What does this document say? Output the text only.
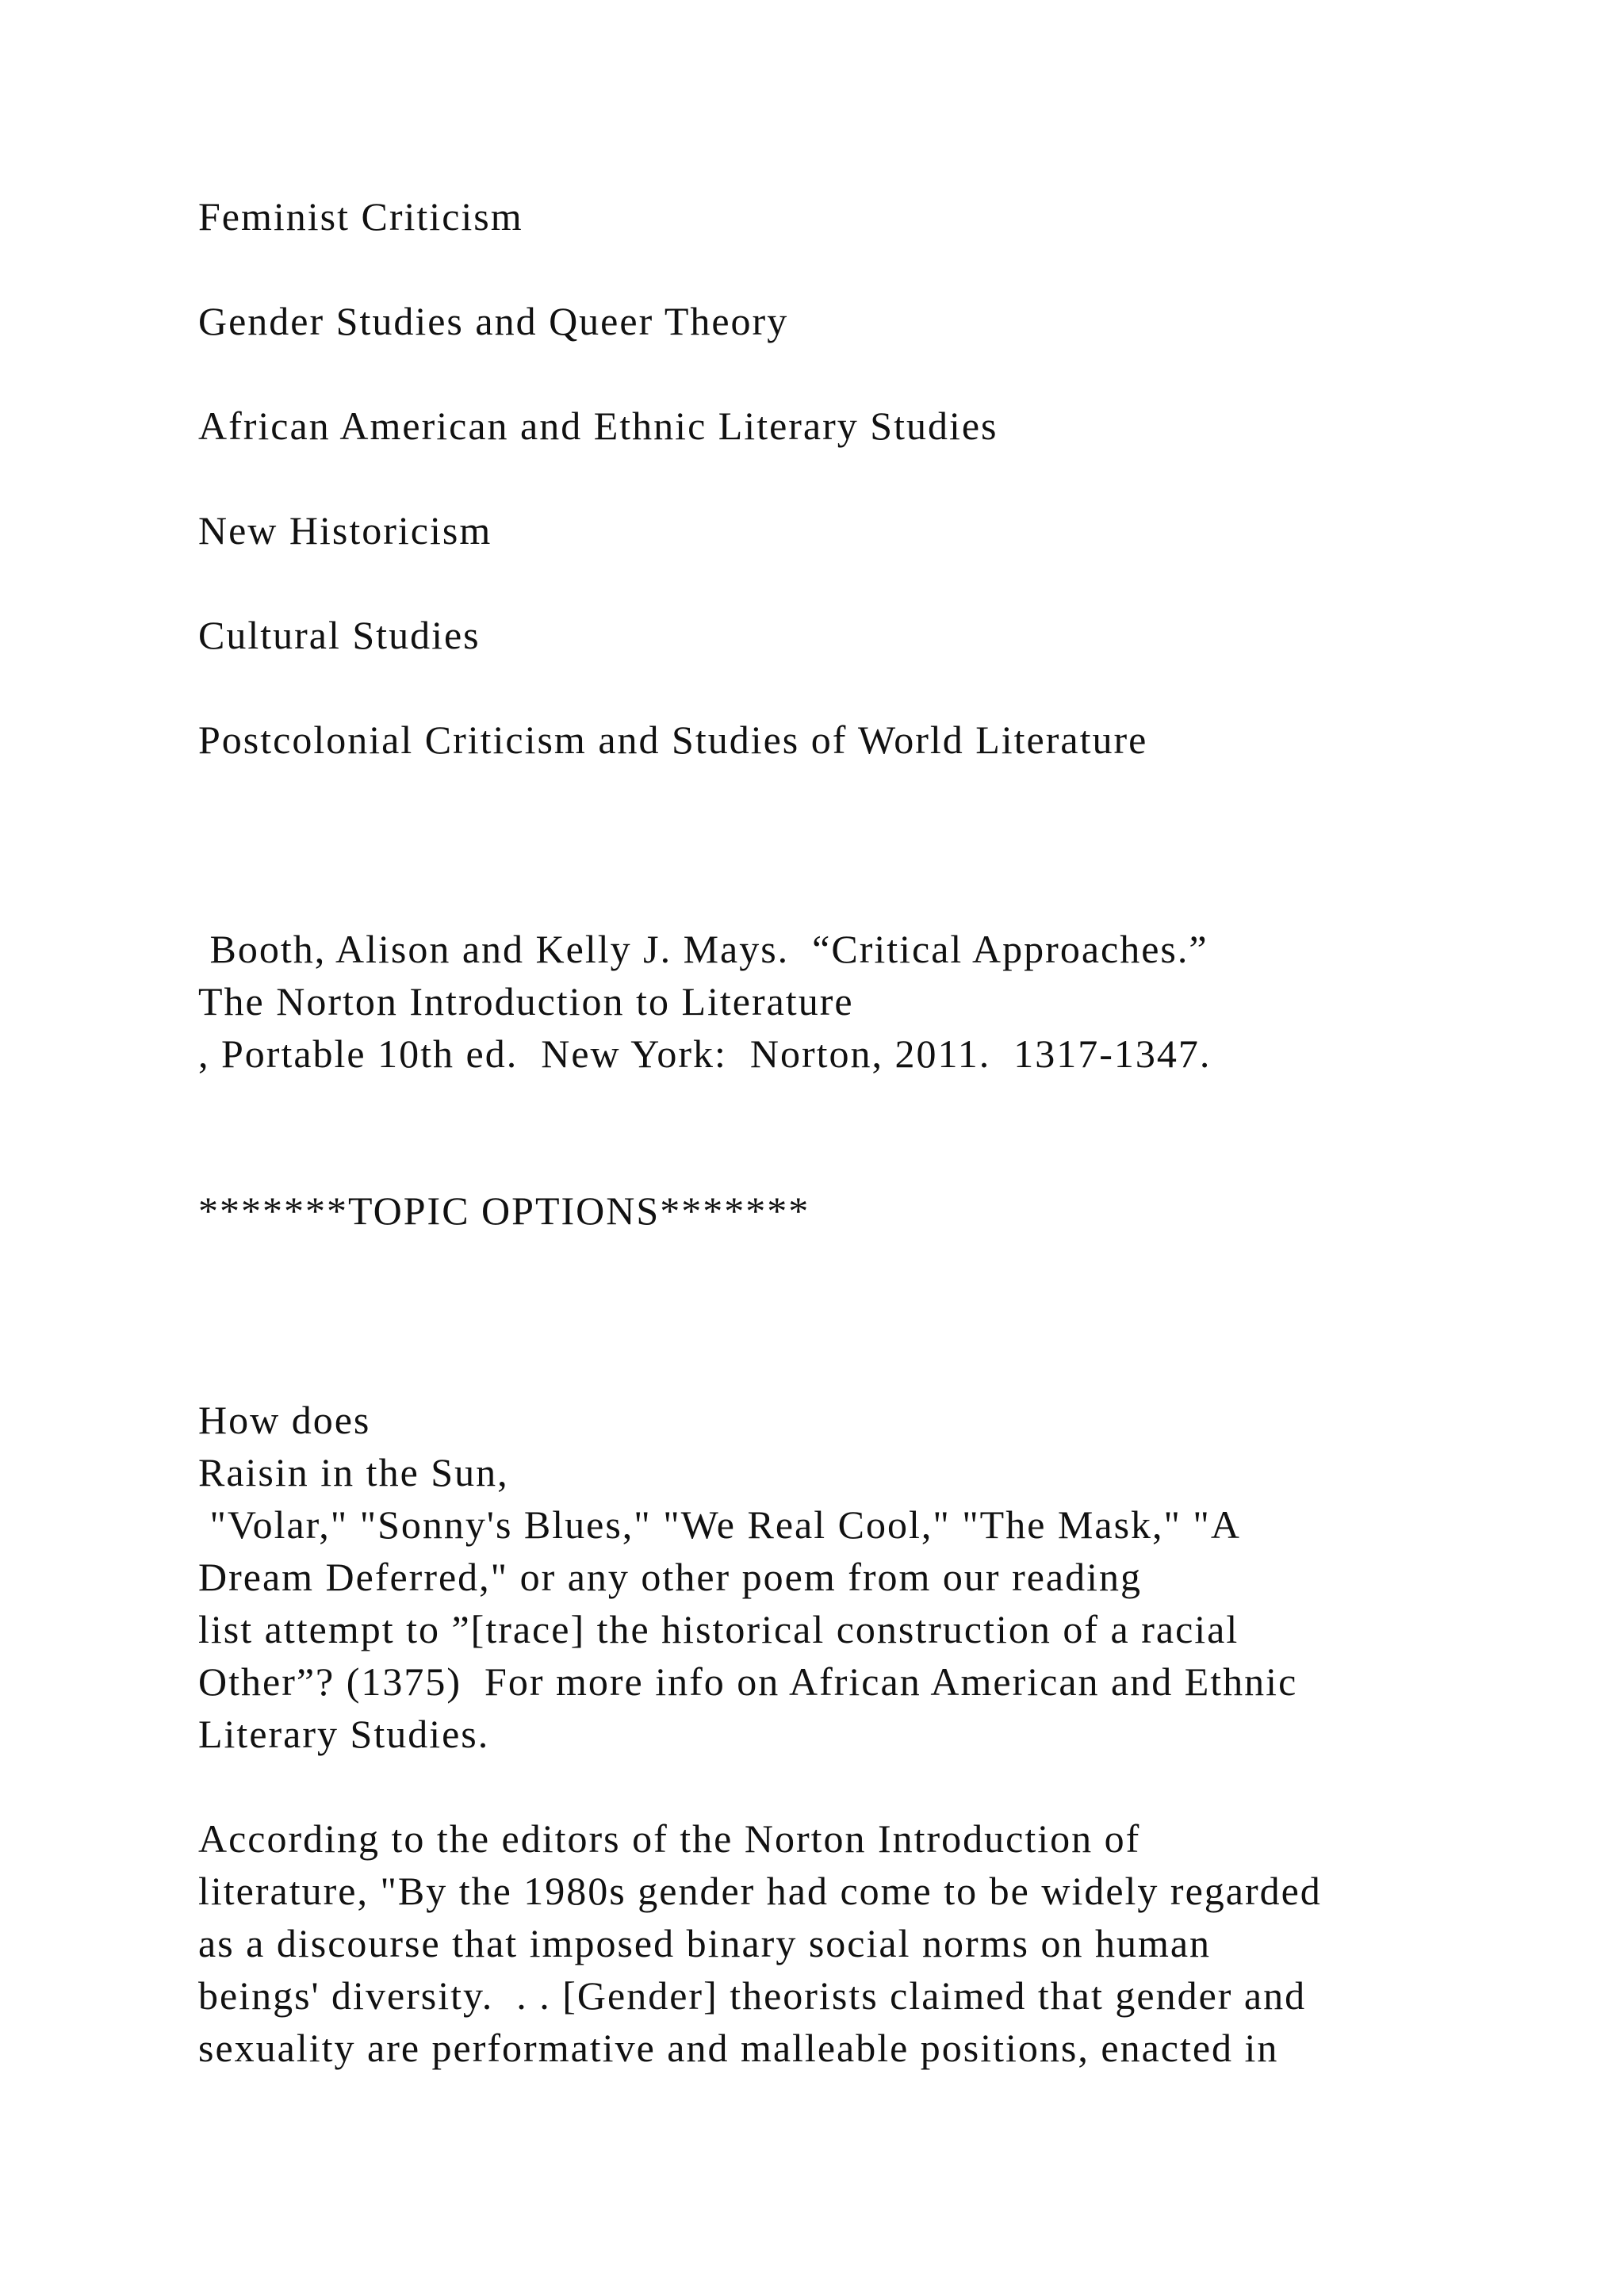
Feminist Criticism
Gender Studies and Queer Theory
African American and Ethnic Literary Studies
New Historicism
Cultural Studies
Postcolonial Criticism and Studies of World Literature
Booth, Alison and Kelly J. Mays.  “Critical Approaches.”
The Norton Introduction to Literature
, Portable 10th ed.  New York:  Norton, 2011.  1317-1347.
*******TOPIC OPTIONS*******
How does
Raisin in the Sun,
"Volar," "Sonny's Blues," "We Real Cool," "The Mask," "A
Dream Deferred," or any other poem from our reading
list attempt to ”[trace] the historical construction of a racial
Other”? (1375)  For more info on African American and Ethnic
Literary Studies.
According to the editors of the Norton Introduction of
literature, "By the 1980s gender had come to be widely regarded
as a discourse that imposed binary social norms on human
beings' diversity.  . . [Gender] theorists claimed that gender and
sexuality are performative and malleable positions, enacted in
